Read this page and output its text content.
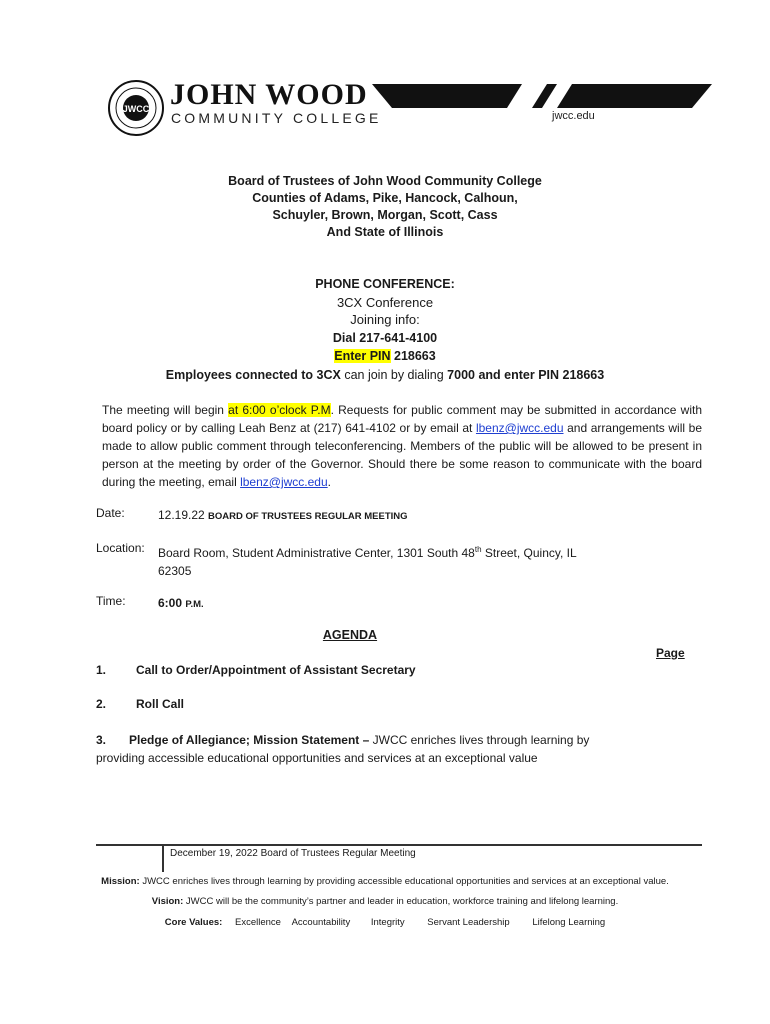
JWCC JOHN WOOD
COMMUNITY COLLEGE	jwcc.edu
Board of Trustees of John Wood Community College
Counties of Adams, Pike, Hancock, Calhoun,
Schuyler, Brown, Morgan, Scott, Cass
And State of Illinois
PHONE CONFERENCE:
3CX Conference
Joining info:
Dial 217-641-4100
Enter PIN 218663
Employees connected to 3CX can join by dialing 7000 and enter PIN 218663
The meeting will begin at 6:00 o’clock P.M. Requests for public comment may be submitted in accordance with board policy or by calling Leah Benz at (217) 641-4102 or by email at lbenz@jwcc.edu and arrangements will be made to allow public comment through teleconferencing. Members of the public will be allowed to be present in person at the meeting by order of the Governor. Should there be some reason to communicate with the board during the meeting, email lbenz@jwcc.edu.
Date:	12.19.22 BOARD OF TRUSTEES REGULAR MEETING
Location: Board Room, Student Administrative Center, 1301 South 48th Street, Quincy, IL
62305
Time:	6:00 P.M.
AGENDA
Page
1. Call to Order/Appointment of Assistant Secretary
2. Roll Call
3. Pledge of Allegiance; Mission Statement – JWCC enriches lives through learning by providing accessible educational opportunities and services at an exceptional value
December 19, 2022 Board of Trustees Regular Meeting
Mission: JWCC enriches lives through learning by providing accessible educational opportunities and services at an exceptional value.
Vision: JWCC will be the community’s partner and leader in education, workforce training and lifelong learning.
Core Values: Excellence Accountability Integrity Servant Leadership Lifelong Learning
